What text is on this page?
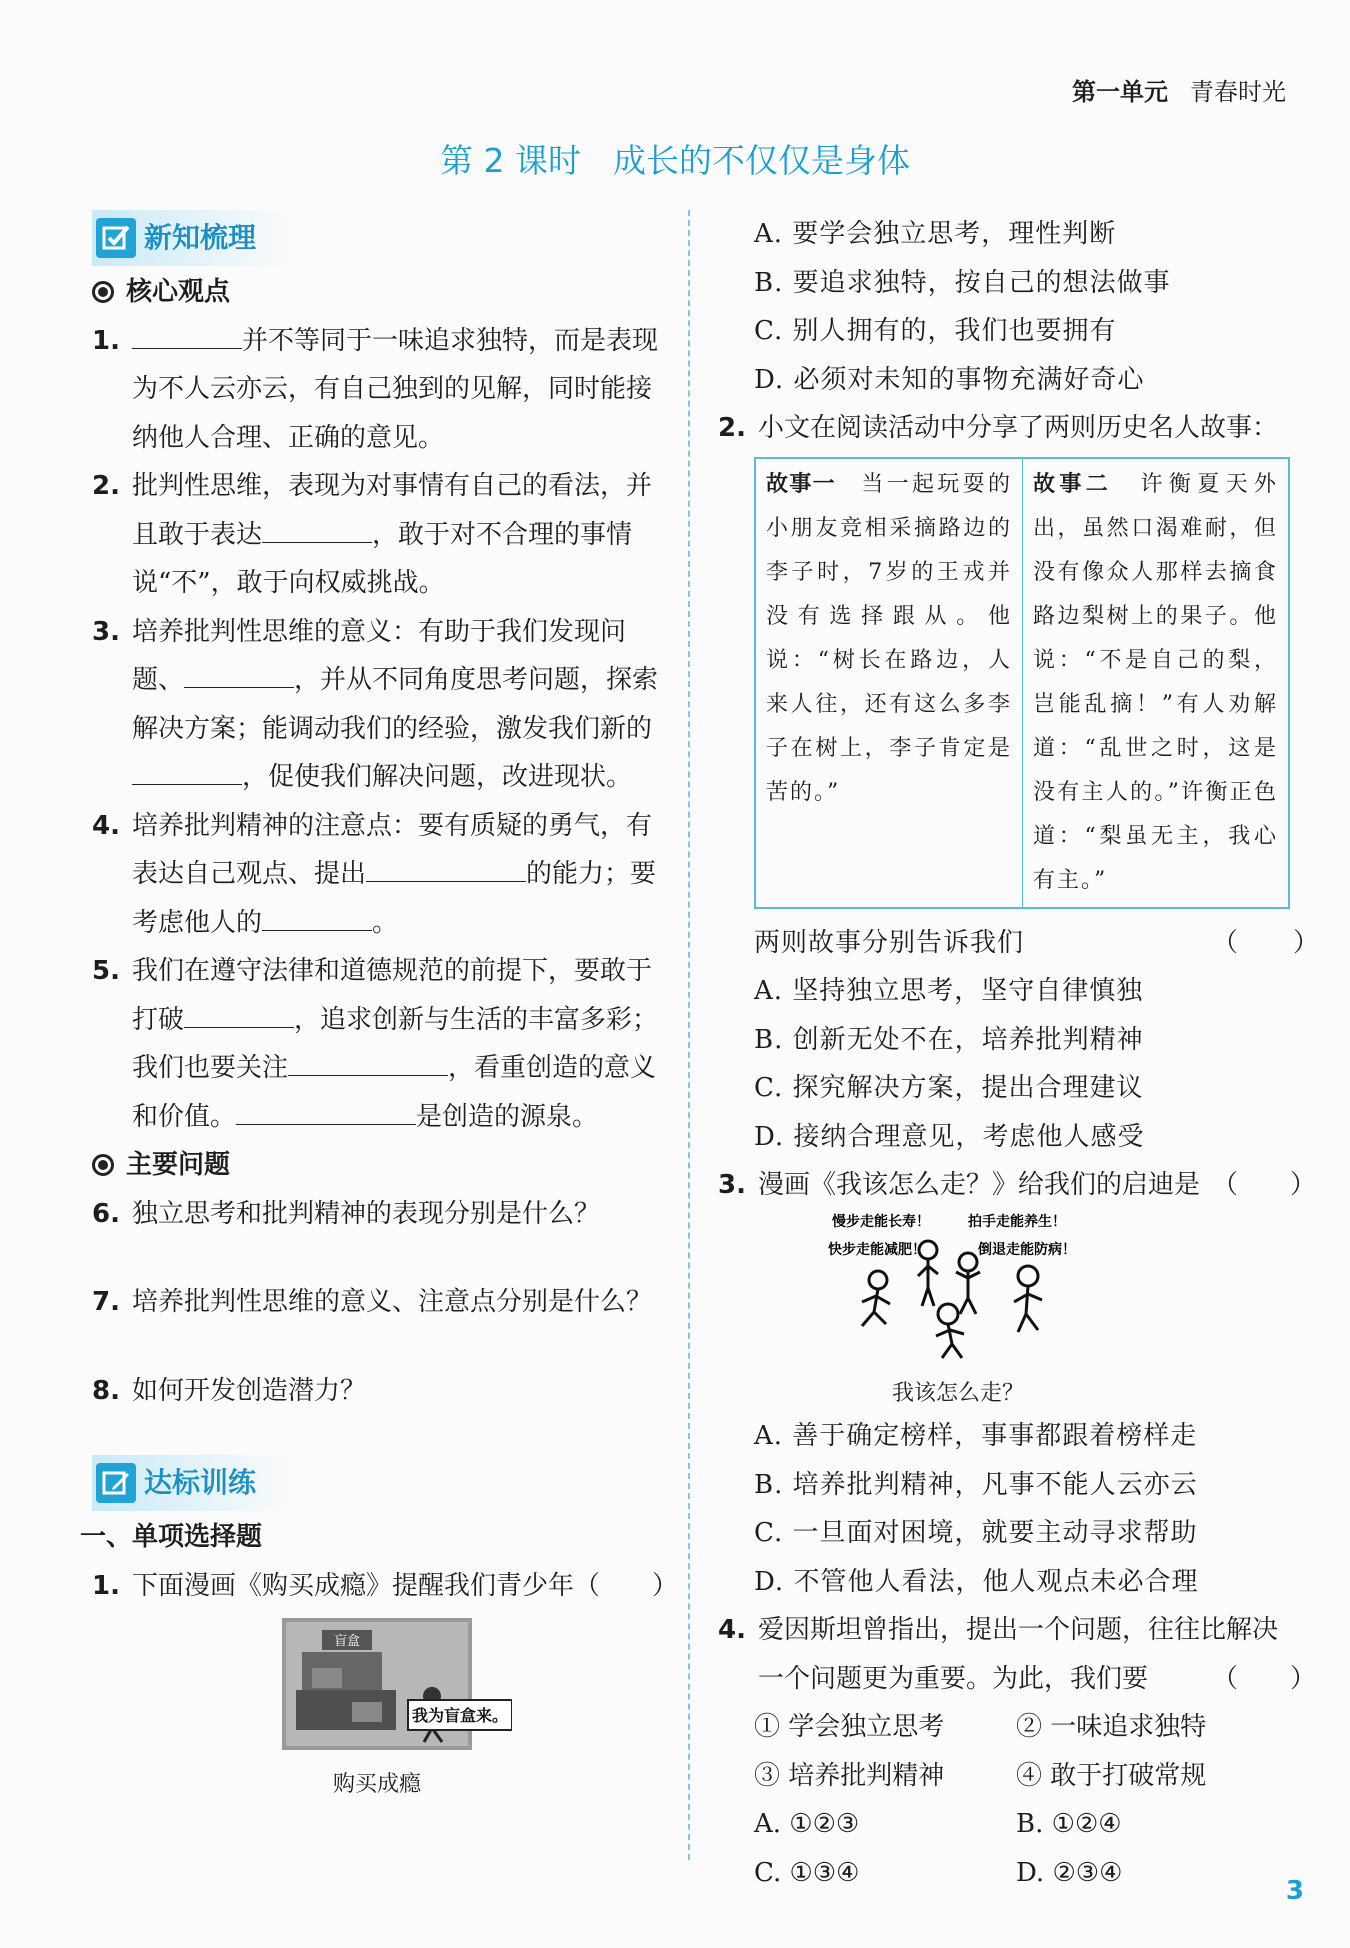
第一单元 青春时光
第 2 课时 成长的不仅仅是身体
新知梳理
核心观点
1.	并不等同于一味追求独特，而是表现为不人云亦云，有自己独到的见解，同时能接纳他人合理、正确的意见。
2. 批判性思维，表现为对事情有自己的看法，并且敢于表达	，敢于对不合理的事情说“不”，敢于向权威挑战。
3. 培养批判性思维的意义：有助于我们发现问题、	，并从不同角度思考问题，探索解决方案；能调动我们的经验，激发我们新的，促使我们解决问题，改进现状。
4. 培养批判精神的注意点：要有质疑的勇气，有表达自己观点、提出	的能力；要考虑他人的	。
5. 我们在遵守法律和道德规范的前提下，要敢于打破	，追求创新与生活的丰富多彩；我们也要关注	，看重创造的意义和价值。	是创造的源泉。
主要问题
6. 独立思考和批判精神的表现分别是什么？
7. 培养批判性思维的意义、注意点分别是什么？
8. 如何开发创造潜力？
达标训练
一、单项选择题
1. 下面漫画《购买成瘾》提醒我们青少年（　　）
盲盒
我为盲盒来。
购买成瘾
A. 要学会独立思考，理性判断
B. 要追求独特，按自己的想法做事
C. 别人拥有的，我们也要拥有
D. 必须对未知的事物充满好奇心
2. 小文在阅读活动中分享了两则历史名人故事：
故事一　 当一起玩耍的小朋友竞相采摘路边的李子时，7岁的王戎并没有选择跟从。他说：“树长在路边，人来人往，还有这么多李子在树上，李子肯定是苦的。”
故事二　 许衡夏天外出，虽然口渴难耐，但没有像众人那样去摘食路边梨树上的果子。他说：“不是自己的梨，岂能乱摘！”有人劝解道：“乱世之时，这是没有主人的。”许衡正色道：“梨虽无主，我心有主。”
两则故事分别告诉我们	（　　）
A. 坚持独立思考，坚守自律慎独
B. 创新无处不在，培养批判精神
C. 探究解决方案，提出合理建议
D. 接纳合理意见，考虑他人感受
3. 漫画《我该怎么走？》给我们的启迪是 （　　）
慢步走能长寿！	拍手走能养生！
快步走能减肥！	倒退走能防病！
我该怎么走？
A. 善于确定榜样，事事都跟着榜样走
B. 培养批判精神，凡事不能人云亦云
C. 一旦面对困境，就要主动寻求帮助
D. 不管他人看法，他人观点未必合理
4. 爱因斯坦曾指出，提出一个问题，往往比解决一个问题更为重要。为此，我们要 （　　）
① 学会独立思考	② 一味追求独特
③ 培养批判精神	④ 敢于打破常规
A. ①②③	B. ①②④
C. ①③④	D. ②③④
3
